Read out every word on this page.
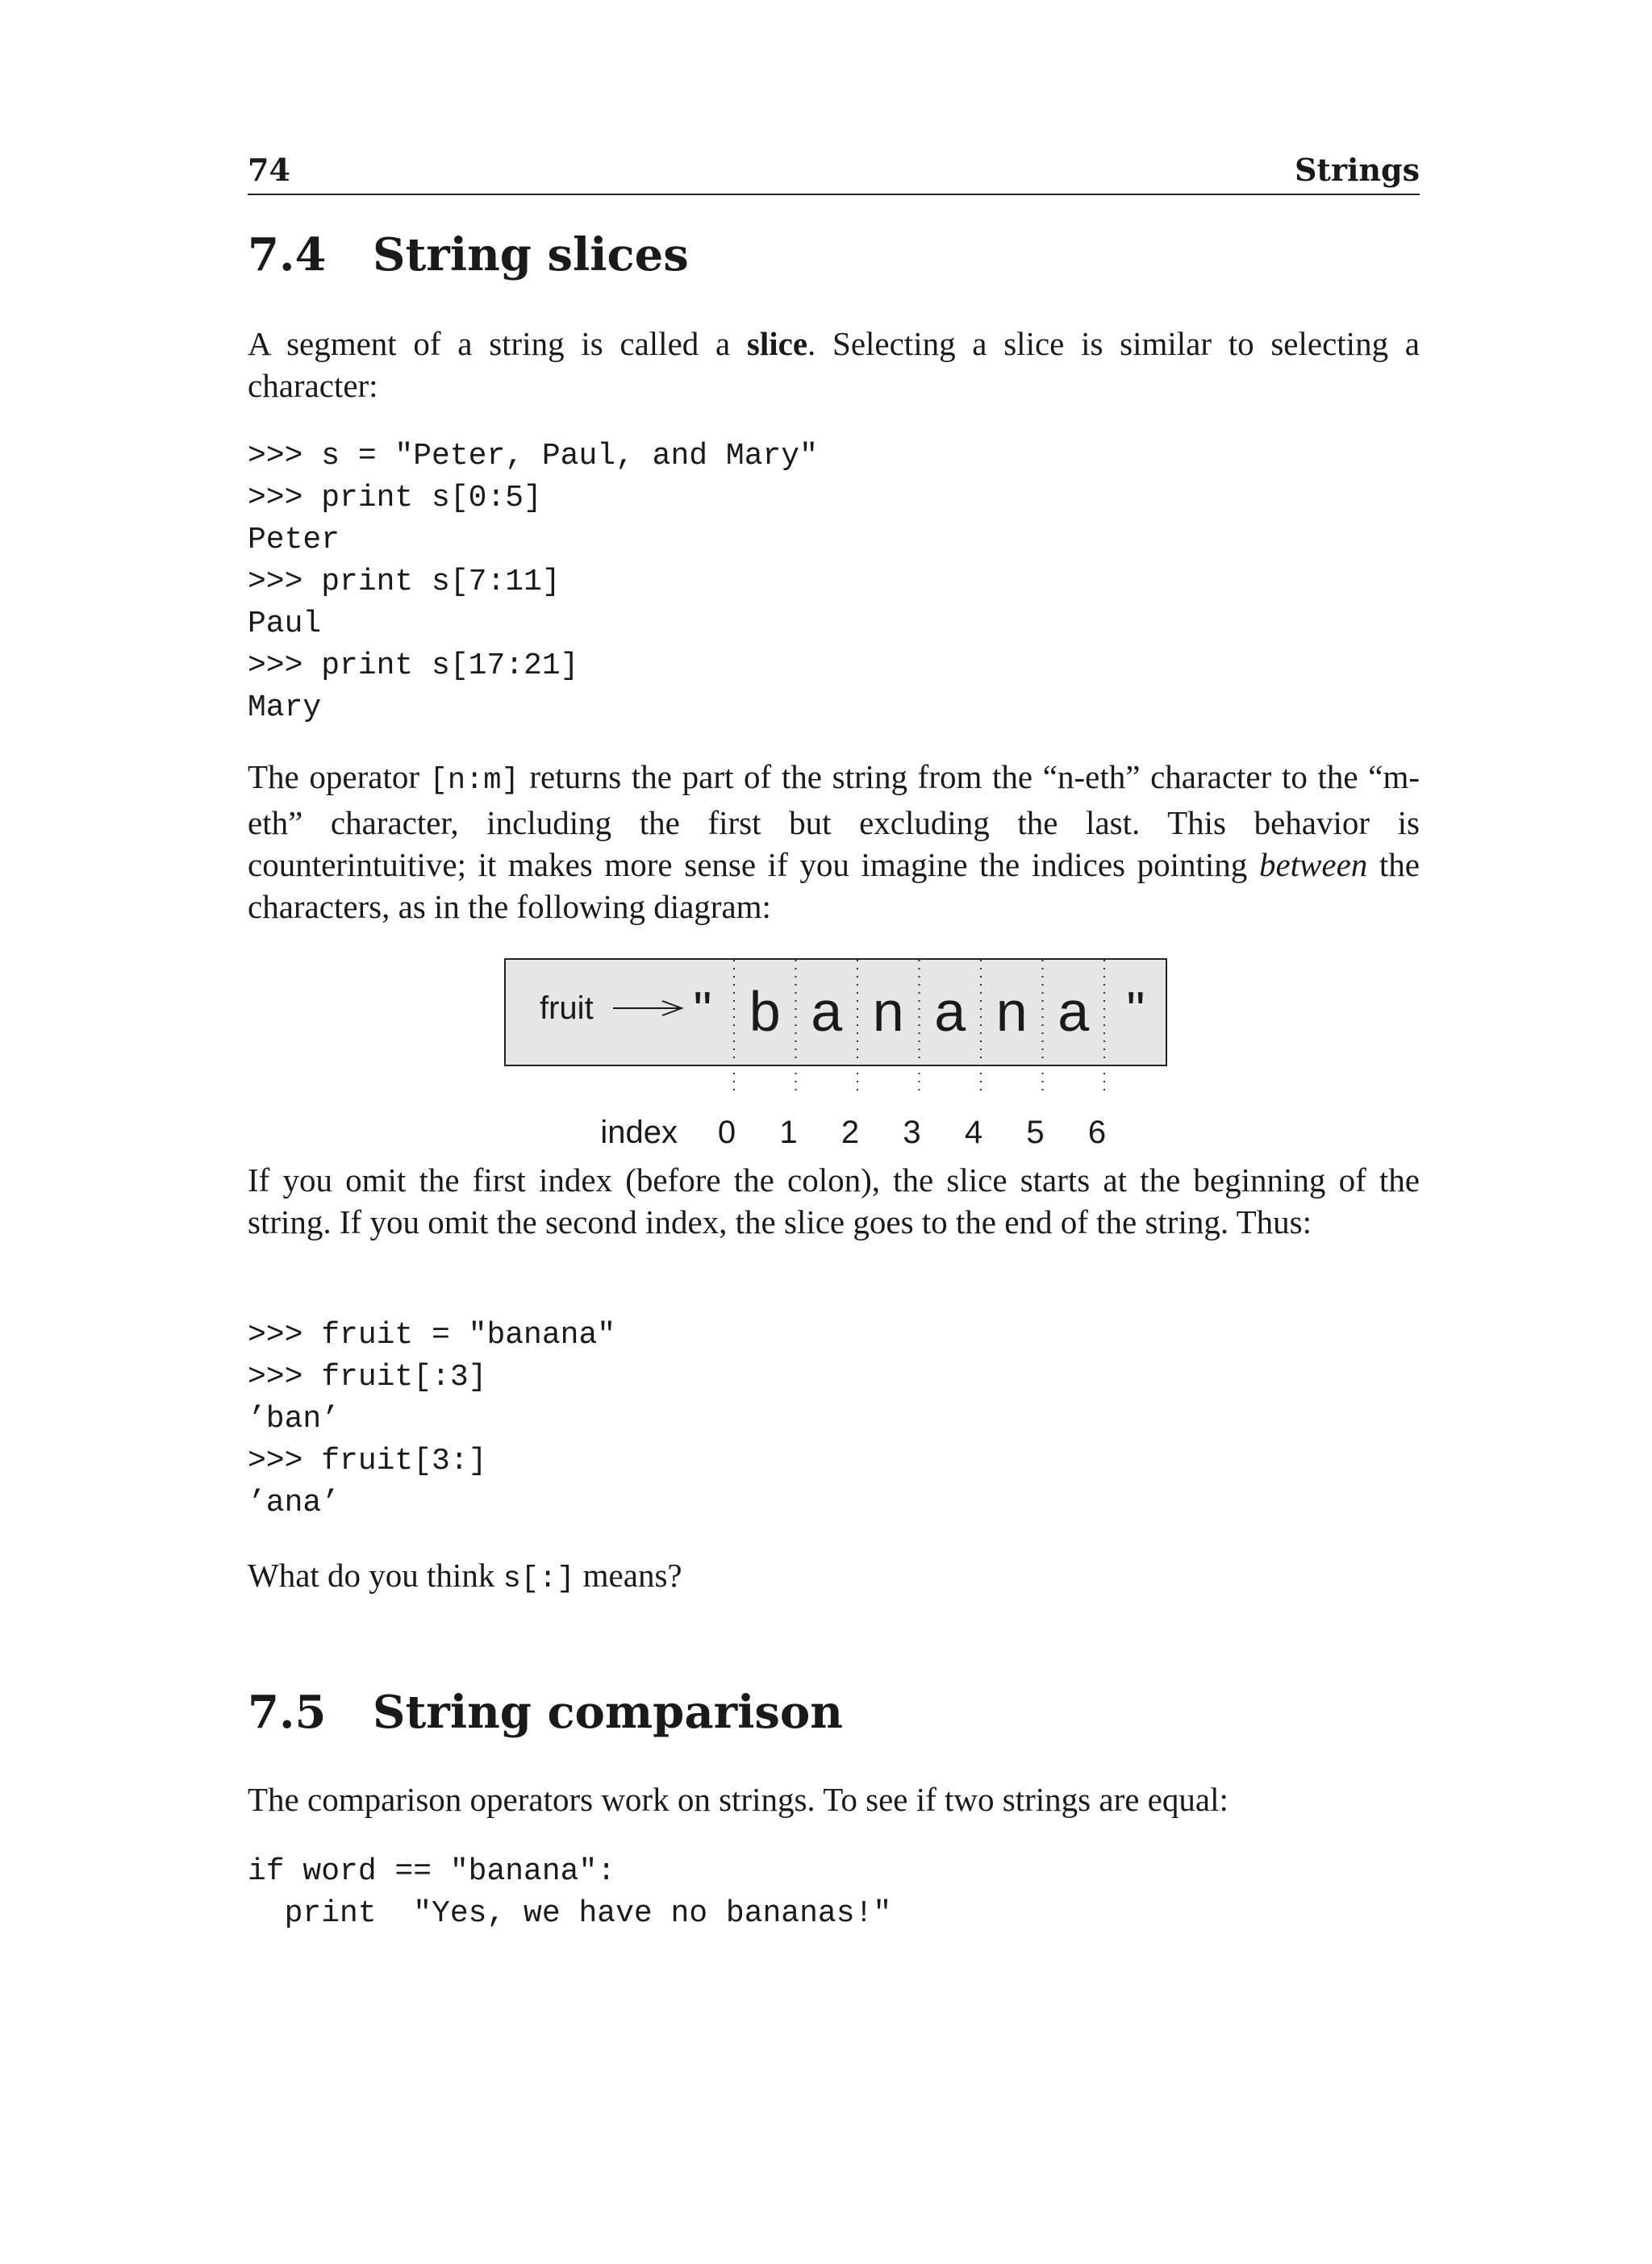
74	Strings
7.4 String slices
A segment of a string is called a slice. Selecting a slice is similar to selecting a character:
>>> s = "Peter, Paul, and Mary"
>>> print s[0:5]
Peter
>>> print s[7:11]
Paul
>>> print s[17:21]
Mary
The operator [n:m] returns the part of the string from the “n-eth” character to the “m-eth” character, including the first but excluding the last. This behavior is counterintuitive; it makes more sense if you imagine the indices pointing between the characters, as in the following diagram:
fruit "	"
b a n a n a
index 0 1 2 3 4 5 6
If you omit the first index (before the colon), the slice starts at the beginning of the string. If you omit the second index, the slice goes to the end of the string. Thus:
>>> fruit = "banana"
>>> fruit[:3]
’ban’
>>> fruit[3:]
’ana’
What do you think s[:] means?
7.5 String comparison
The comparison operators work on strings. To see if two strings are equal:
if word == "banana":
print  "Yes, we have no bananas!"
